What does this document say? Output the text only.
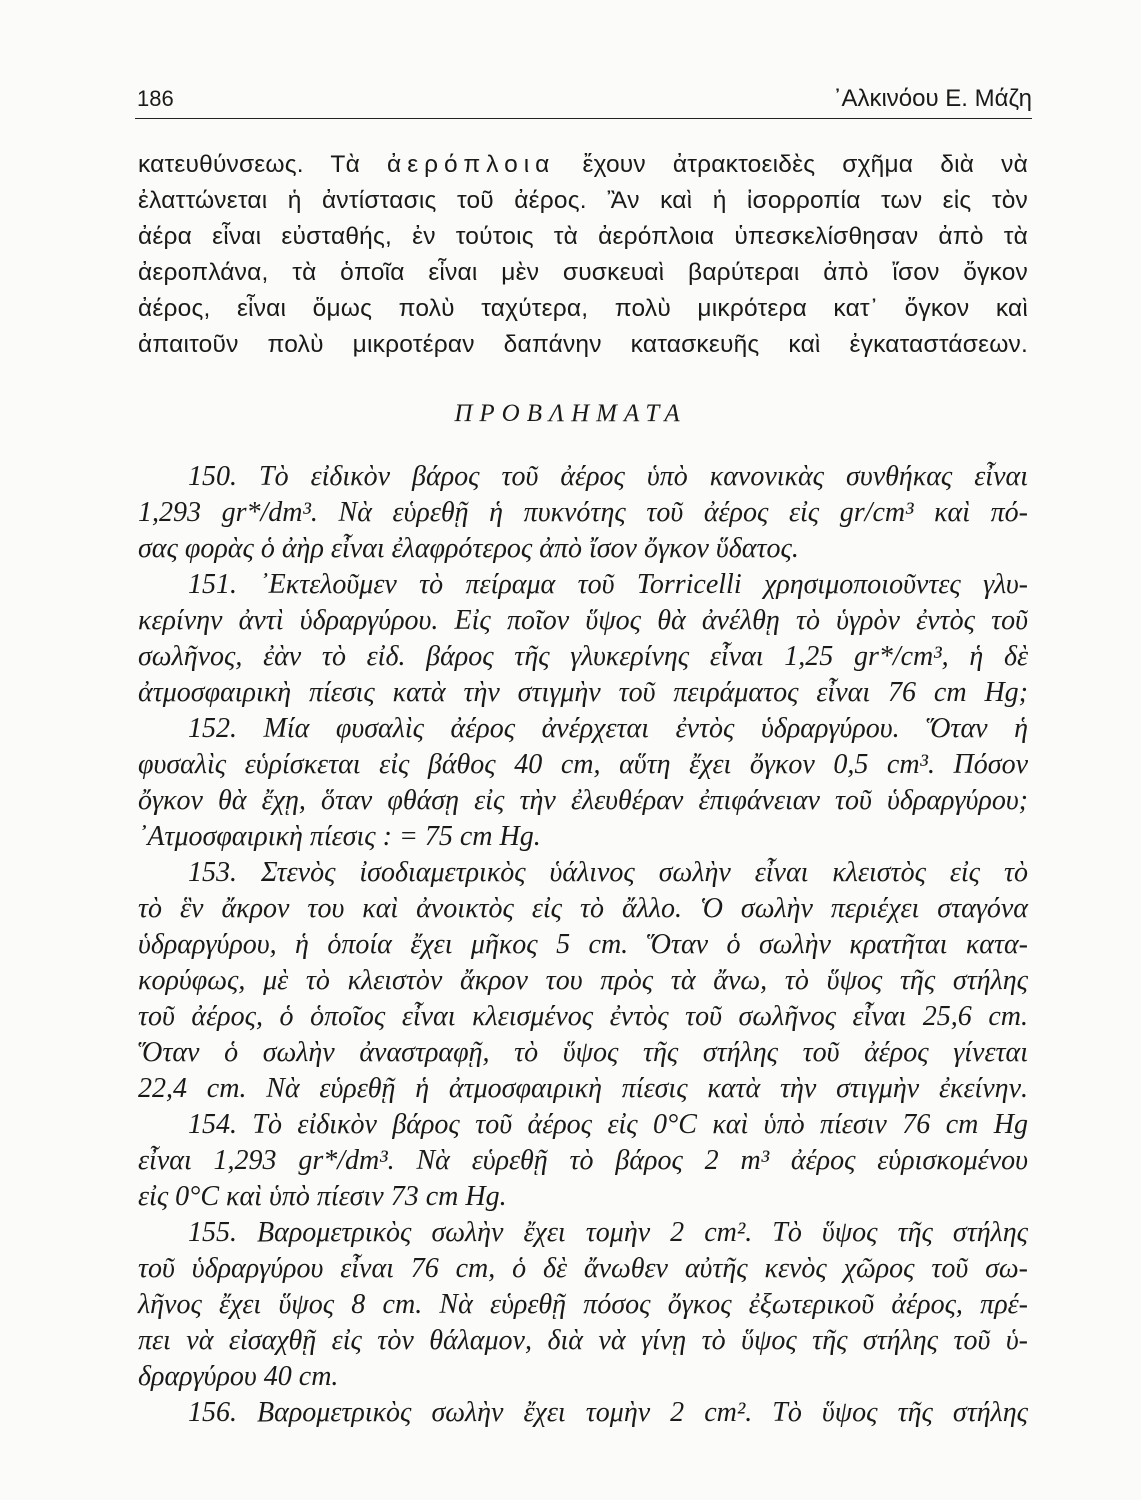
186	᾿Αλκινόου Ε. Μάζη
κατευθύνσεως. Τὰ ἀερόπλοια ἔχουν ἀτρακτοειδὲς σχῆμα διὰ νὰ
ἐλαττώνεται ἡ ἀντίστασις τοῦ ἀέρος. Ἂν καὶ ἡ ἰσορροπία των εἰς τὸν
ἀέρα εἶναι εὐσταθής, ἐν τούτοις τὰ ἀερόπλοια ὑπεσκελίσθησαν ἀπὸ τὰ
ἀεροπλάνα, τὰ ὁποῖα εἶναι μὲν συσκευαὶ βαρύτεραι ἀπὸ ἴσον ὄγκον
ἀέρος, εἶναι ὅμως πολὺ ταχύτερα, πολὺ μικρότερα κατ᾿ ὄγκον καὶ
ἀπαιτοῦν πολὺ μικροτέραν δαπάνην κατασκευῆς καὶ ἐγκαταστάσεων.
ΠΡΟΒΛΗΜΑΤΑ
150. Τὸ εἰδικὸν βάρος τοῦ ἀέρος ὑπὸ κανονικὰς συνθήκας εἶναι
1,293 gr*/dm³. Νὰ εὑρεθῇ ἡ πυκνότης τοῦ ἀέρος εἰς gr/cm³ καὶ πό-
σας φορὰς ὁ ἀὴρ εἶναι ἐλαφρότερος ἀπὸ ἴσον ὄγκον ὕδατος.
151. ᾿Εκτελοῦμεν τὸ πείραμα τοῦ Torricelli χρησιμοποιοῦντες γλυ-
κερίνην ἀντὶ ὑδραργύρου. Εἰς ποῖον ὕψος θὰ ἀνέλθῃ τὸ ὑγρὸν ἐντὸς τοῦ
σωλῆνος, ἐὰν τὸ εἰδ. βάρος τῆς γλυκερίνης εἶναι 1,25 gr*/cm³, ἡ δὲ
ἀτμοσφαιρικὴ πίεσις κατὰ τὴν στιγμὴν τοῦ πειράματος εἶναι 76 cm Hg;
152. Μία φυσαλὶς ἀέρος ἀνέρχεται ἐντὸς ὑδραργύρου. Ὅταν ἡ
φυσαλὶς εὑρίσκεται εἰς βάθος 40 cm, αὕτη ἔχει ὄγκον 0,5 cm³. Πόσον
ὄγκον θὰ ἔχῃ, ὅταν φθάσῃ εἰς τὴν ἐλευθέραν ἐπιφάνειαν τοῦ ὑδραργύρου;
᾿Ατμοσφαιρικὴ πίεσις : = 75 cm Hg.
153. Στενὸς ἰσοδιαμετρικὸς ὑάλινος σωλὴν εἶναι κλειστὸς εἰς τὸ
τὸ ἓν ἄκρον του καὶ ἀνοικτὸς εἰς τὸ ἄλλο. Ὁ σωλὴν περιέχει σταγόνα
ὑδραργύρου, ἡ ὁποία ἔχει μῆκος 5 cm. Ὅταν ὁ σωλὴν κρατῆται κατα-
κορύφως, μὲ τὸ κλειστὸν ἄκρον του πρὸς τὰ ἄνω, τὸ ὕψος τῆς στήλης
τοῦ ἀέρος, ὁ ὁποῖος εἶναι κλεισμένος ἐντὸς τοῦ σωλῆνος εἶναι 25,6 cm.
Ὅταν ὁ σωλὴν ἀναστραφῇ, τὸ ὕψος τῆς στήλης τοῦ ἀέρος γίνεται
22,4 cm. Νὰ εὑρεθῇ ἡ ἀτμοσφαιρικὴ πίεσις κατὰ τὴν στιγμὴν ἐκείνην.
154. Τὸ εἰδικὸν βάρος τοῦ ἀέρος εἰς 0°C καὶ ὑπὸ πίεσιν 76 cm Hg
εἶναι 1,293 gr*/dm³. Νὰ εὑρεθῇ τὸ βάρος 2 m³ ἀέρος εὑρισκομένου
εἰς 0°C καὶ ὑπὸ πίεσιν 73 cm Hg.
155. Βαρομετρικὸς σωλὴν ἔχει τομὴν 2 cm². Τὸ ὕψος τῆς στήλης
τοῦ ὑδραργύρου εἶναι 76 cm, ὁ δὲ ἄνωθεν αὐτῆς κενὸς χῶρος τοῦ σω-
λῆνος ἔχει ὕψος 8 cm. Νὰ εὑρεθῇ πόσος ὄγκος ἐξωτερικοῦ ἀέρος, πρέ-
πει νὰ εἰσαχθῇ εἰς τὸν θάλαμον, διὰ νὰ γίνῃ τὸ ὕψος τῆς στήλης τοῦ ὑ-
δραργύρου 40 cm.
156. Βαρομετρικὸς σωλὴν ἔχει τομὴν 2 cm². Τὸ ὕψος τῆς στήλης
